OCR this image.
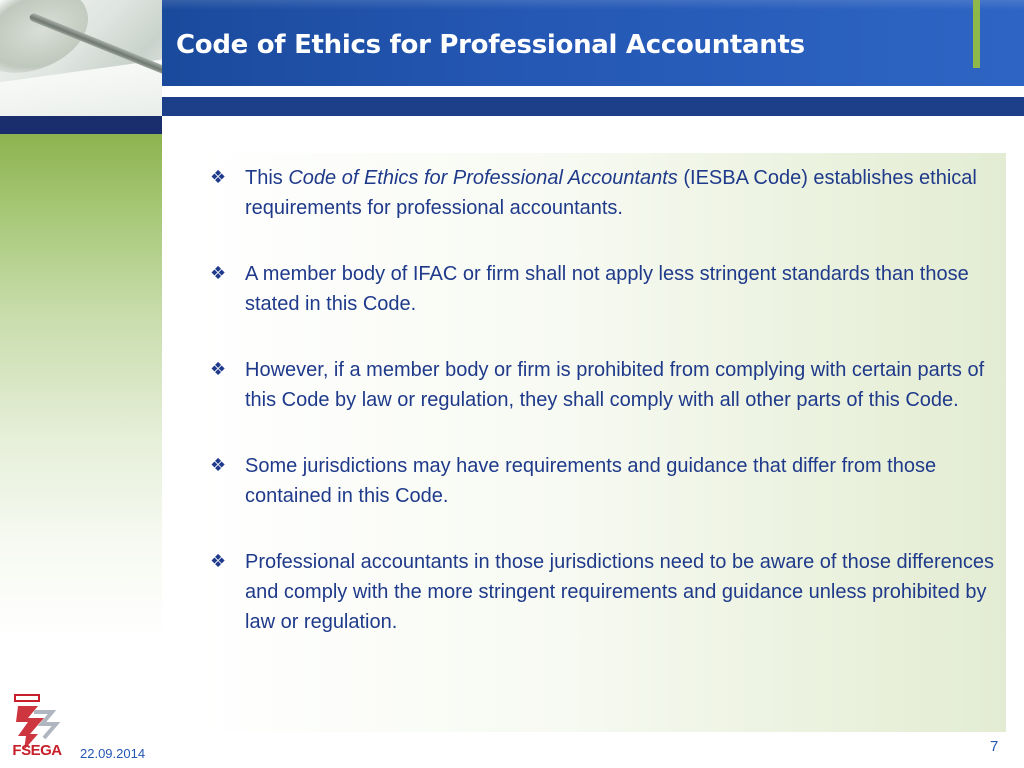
Code of Ethics for Professional Accountants
❖ This Code of Ethics for Professional Accountants (IESBA Code) establishes ethical requirements for professional accountants.
❖ A member body of IFAC or firm shall not apply less stringent standards than those stated in this Code.
❖ However, if a member body or firm is prohibited from complying with certain parts of this Code by law or regulation, they shall comply with all other parts of this Code.
❖ Some jurisdictions may have requirements and guidance that differ from those contained in this Code.
❖ Professional accountants in those jurisdictions need to be aware of those differences and comply with the more stringent requirements and guidance unless prohibited by law or regulation.
FSEGA	22.09.2014	7
